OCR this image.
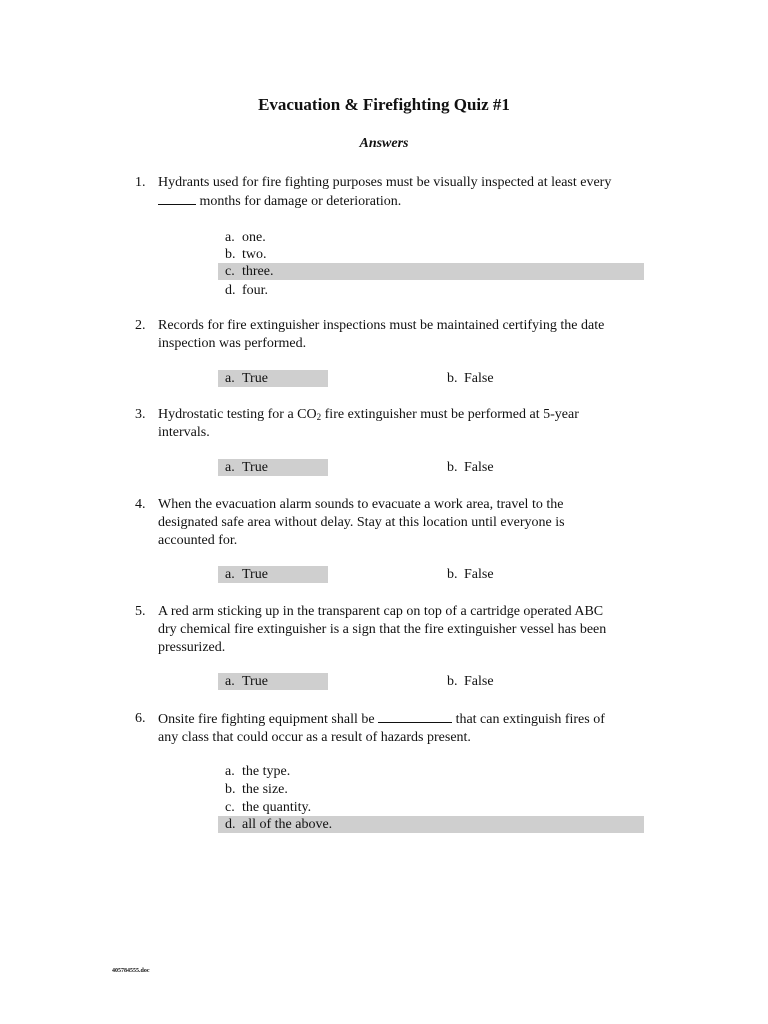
Evacuation & Firefighting Quiz #1
Answers
1. Hydrants used for fire fighting purposes must be visually inspected at least every
months for damage or deterioration.
a. one.
b. two.
c. three.
d. four.
2. Records for fire extinguisher inspections must be maintained certifying the date
inspection was performed.
a. True	b. False
3. Hydrostatic testing for a $CO_2$ fire extinguisher must be performed at 5-year
intervals.
a. True	b. False
4. When the evacuation alarm sounds to evacuate a work area, travel to the
designated safe area without delay. Stay at this location until everyone is
accounted for.
a. True	b. False
5. A red arm sticking up in the transparent cap on top of a cartridge operated ABC
dry chemical fire extinguisher is a sign that the fire extinguisher vessel has been
pressurized.
a. True	b. False
6. Onsite fire fighting equipment shall be	that can extinguish fires of
any class that could occur as a result of hazards present.
a. the type.
b. the size.
c. the quantity.
d. all of the above.
405784555.doc
